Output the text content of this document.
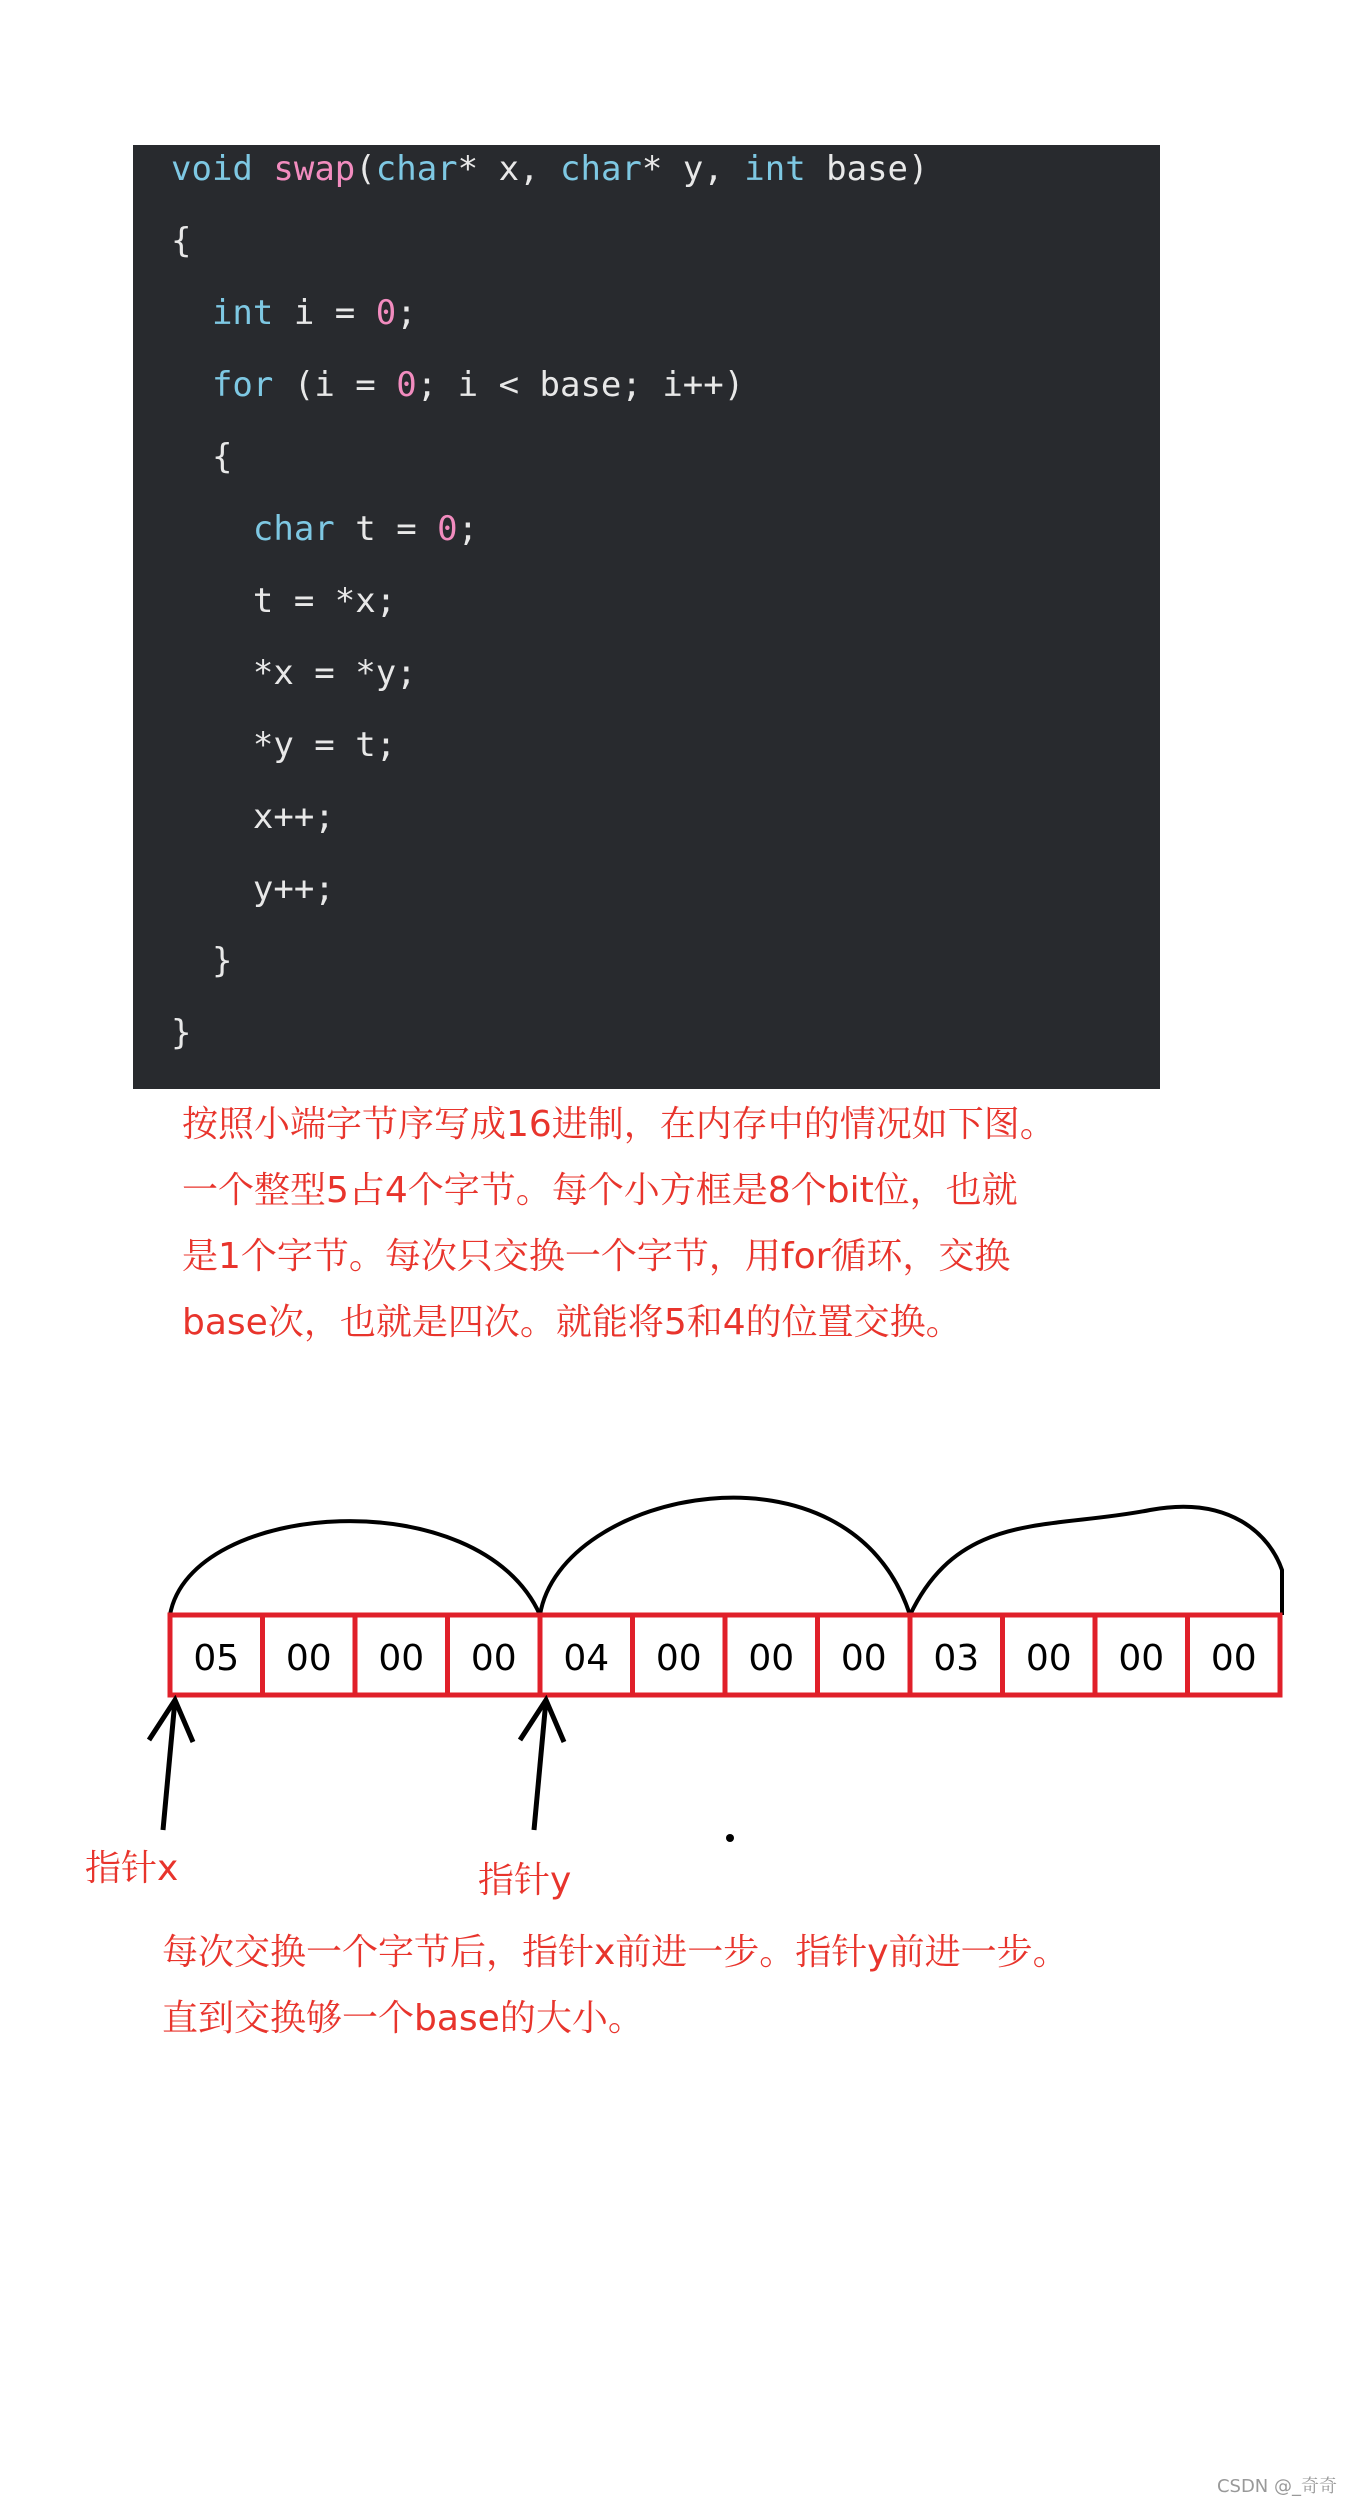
void swap(char* x, char* y, int base)
{
int i = 0;
for (i = 0; i < base; i++)
{
char t = 0;
t = *x;
*x = *y;
*y = t;
x++;
y++;
}
}
按照小端字节序写成16进制，在内存中的情况如下图。
一个整型5占4个字节。每个小方框是8个bit位，也就
是1个字节。每次只交换一个字节，用for循环，交换
base次，也就是四次。就能将5和4的位置交换。
05 00 00 00 04 00 00 00 03 00 00 00
指针x	指针y
每次交换一个字节后，指针x前进一步。指针y前进一步。
直到交换够一个base的大小。
CSDN @_奇奇
